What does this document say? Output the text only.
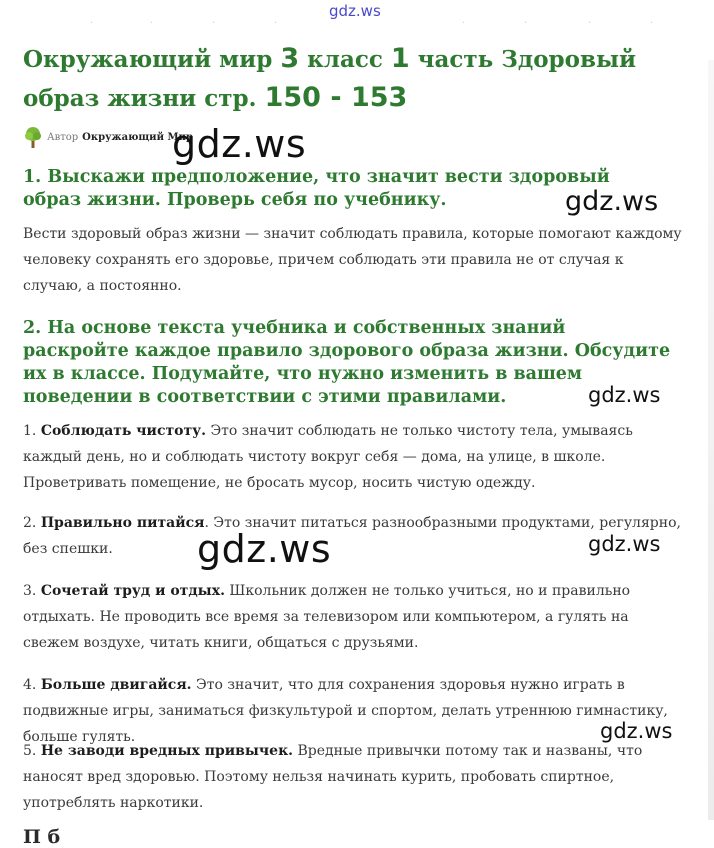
·	·	·	·	·	·	·	·
gdz.ws
Окружающий мир 3 класс 1 часть Здоровый образ жизни стр. 150 - 153
Автор Окружающий Мир
1. Выскажи предположение, что значит вести здоровый образ жизни. Проверь себя по учебнику.

Вести здоровый образ жизни — значит соблюдать правила, которые помогают каждому человеку сохранять его здоровье, причем соблюдать эти правила не от случая к случаю, а постоянно.

2. На основе текста учебника и собственных знаний раскройте каждое правило здорового образа жизни. Обсудите их в классе. Подумайте, что нужно изменить в вашем поведении в соответствии с этими правилами.

1. Соблюдать чистоту. Это значит соблюдать не только чистоту тела, умываясь каждый день, но и соблюдать чистоту вокруг себя — дома, на улице, в школе. Проветривать помещение, не бросать мусор, носить чистую одежду.

2. Правильно питайся. Это значит питаться разнообразными продуктами, регулярно, без спешки.

3. Сочетай труд и отдых. Школьник должен не только учиться, но и правильно отдыхать. Не проводить все время за телевизором или компьютером, а гулять на свежем воздухе, читать книги, общаться с друзьями.

4. Больше двигайся. Это значит, что для сохранения здоровья нужно играть в подвижные игры, заниматься физкультурой и спортом, делать утреннюю гимнастику, больше гулять.

5. Не заводи вредных привычек. Вредные привычки потому так и названы, что наносят вред здоровью. Поэтому нельзя начинать курить, пробовать спиртное, употреблять наркотики.

П б
gdz.ws
gdz.ws
gdz.ws
gdz.ws	gdz.ws
gdz.ws
